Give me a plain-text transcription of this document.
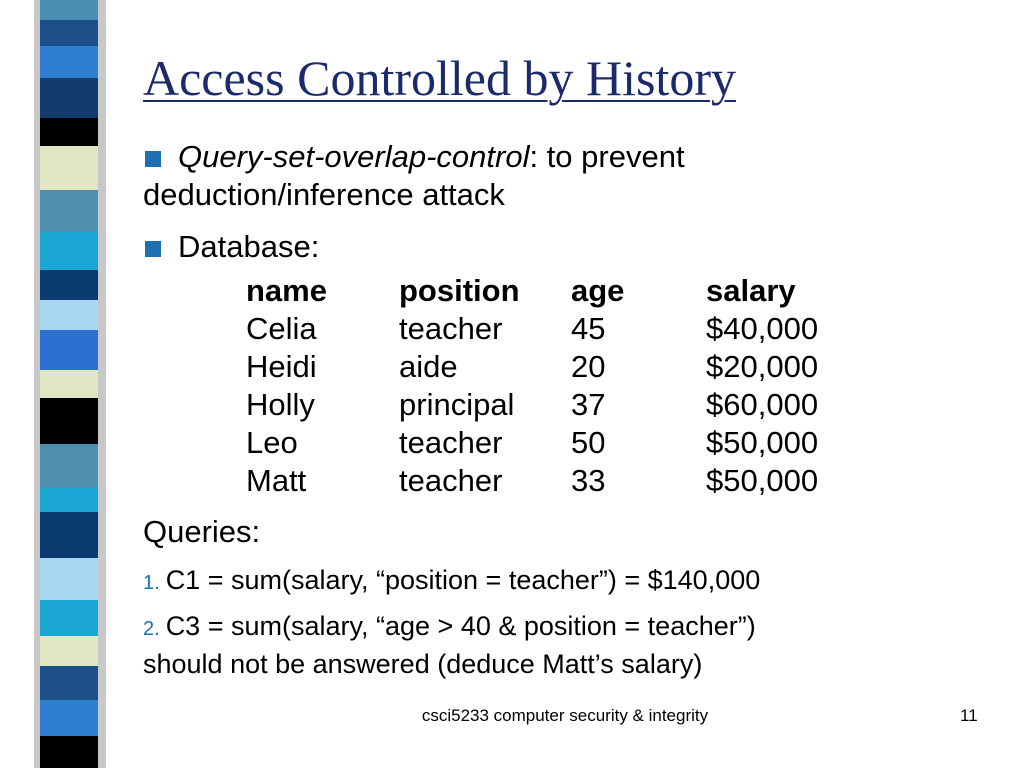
Access Controlled by History
Query-set-overlap-control: to prevent
deduction/inference attack
Database:
name position age	salary
Celia	teacher 45	$40,000
Heidi	aide	20	$20,000
Holly	principal 37	$60,000
Leo	teacher 50	$50,000
Matt	teacher 33	$50,000
Queries:
1. C1 = sum(salary, “position = teacher”) = $140,000
2. C3 = sum(salary, “age > 40 & position = teacher”)
should not be answered (deduce Matt’s salary)
csci5233 computer security & integrity	11
